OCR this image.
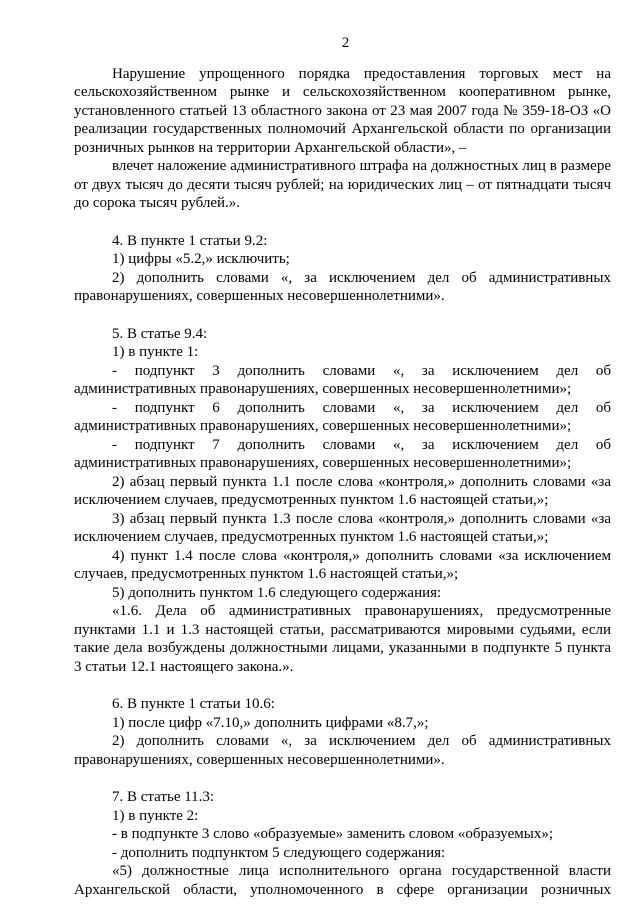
2

Нарушение упрощенного порядка предоставления торговых мест на сельскохозяйственном рынке и сельскохозяйственном кооперативном рынке, установленного статьей 13 областного закона от 23 мая 2007 года № 359-18-ОЗ «О реализации государственных полномочий Архангельской области по организации розничных рынков на территории Архангельской области», –

влечет наложение административного штрафа на должностных лиц в размере от двух тысяч до десяти тысяч рублей; на юридических лиц – от пятнадцати тысяч до сорока тысяч рублей.».

4. В пункте 1 статьи 9.2:

1) цифры «5.2,» исключить;

2) дополнить словами «, за исключением дел об административных правонарушениях, совершенных несовершеннолетними».

5. В статье 9.4:

1) в пункте 1:

- подпункт 3 дополнить словами «, за исключением дел об административных правонарушениях, совершенных несовершеннолетними»;

- подпункт 6 дополнить словами «, за исключением дел об административных правонарушениях, совершенных несовершеннолетними»;

- подпункт 7 дополнить словами «, за исключением дел об административных правонарушениях, совершенных несовершеннолетними»;

2) абзац первый пункта 1.1 после слова «контроля,» дополнить словами «за исключением случаев, предусмотренных пунктом 1.6 настоящей статьи,»;

3) абзац первый пункта 1.3 после слова «контроля,» дополнить словами «за исключением случаев, предусмотренных пунктом 1.6 настоящей статьи,»;

4) пункт 1.4 после слова «контроля,» дополнить словами «за исключением случаев, предусмотренных пунктом 1.6 настоящей статьи,»;

5) дополнить пунктом 1.6 следующего содержания:

«1.6. Дела об административных правонарушениях, предусмотренные пунктами 1.1 и 1.3 настоящей статьи, рассматриваются мировыми судьями, если такие дела возбуждены должностными лицами, указанными в подпункте 5 пункта 3 статьи 12.1 настоящего закона.».

6. В пункте 1 статьи 10.6:

1) после цифр «7.10,» дополнить цифрами «8.7,»;

2) дополнить словами «, за исключением дел об административных правонарушениях, совершенных несовершеннолетними».

7. В статье 11.3:

1) в пункте 2:

- в подпункте 3 слово «образуемые» заменить словом «образуемых»;

- дополнить подпунктом 5 следующего содержания:

«5) должностные лица исполнительного органа государственной власти Архангельской области, уполномоченного в сфере организации розничных
